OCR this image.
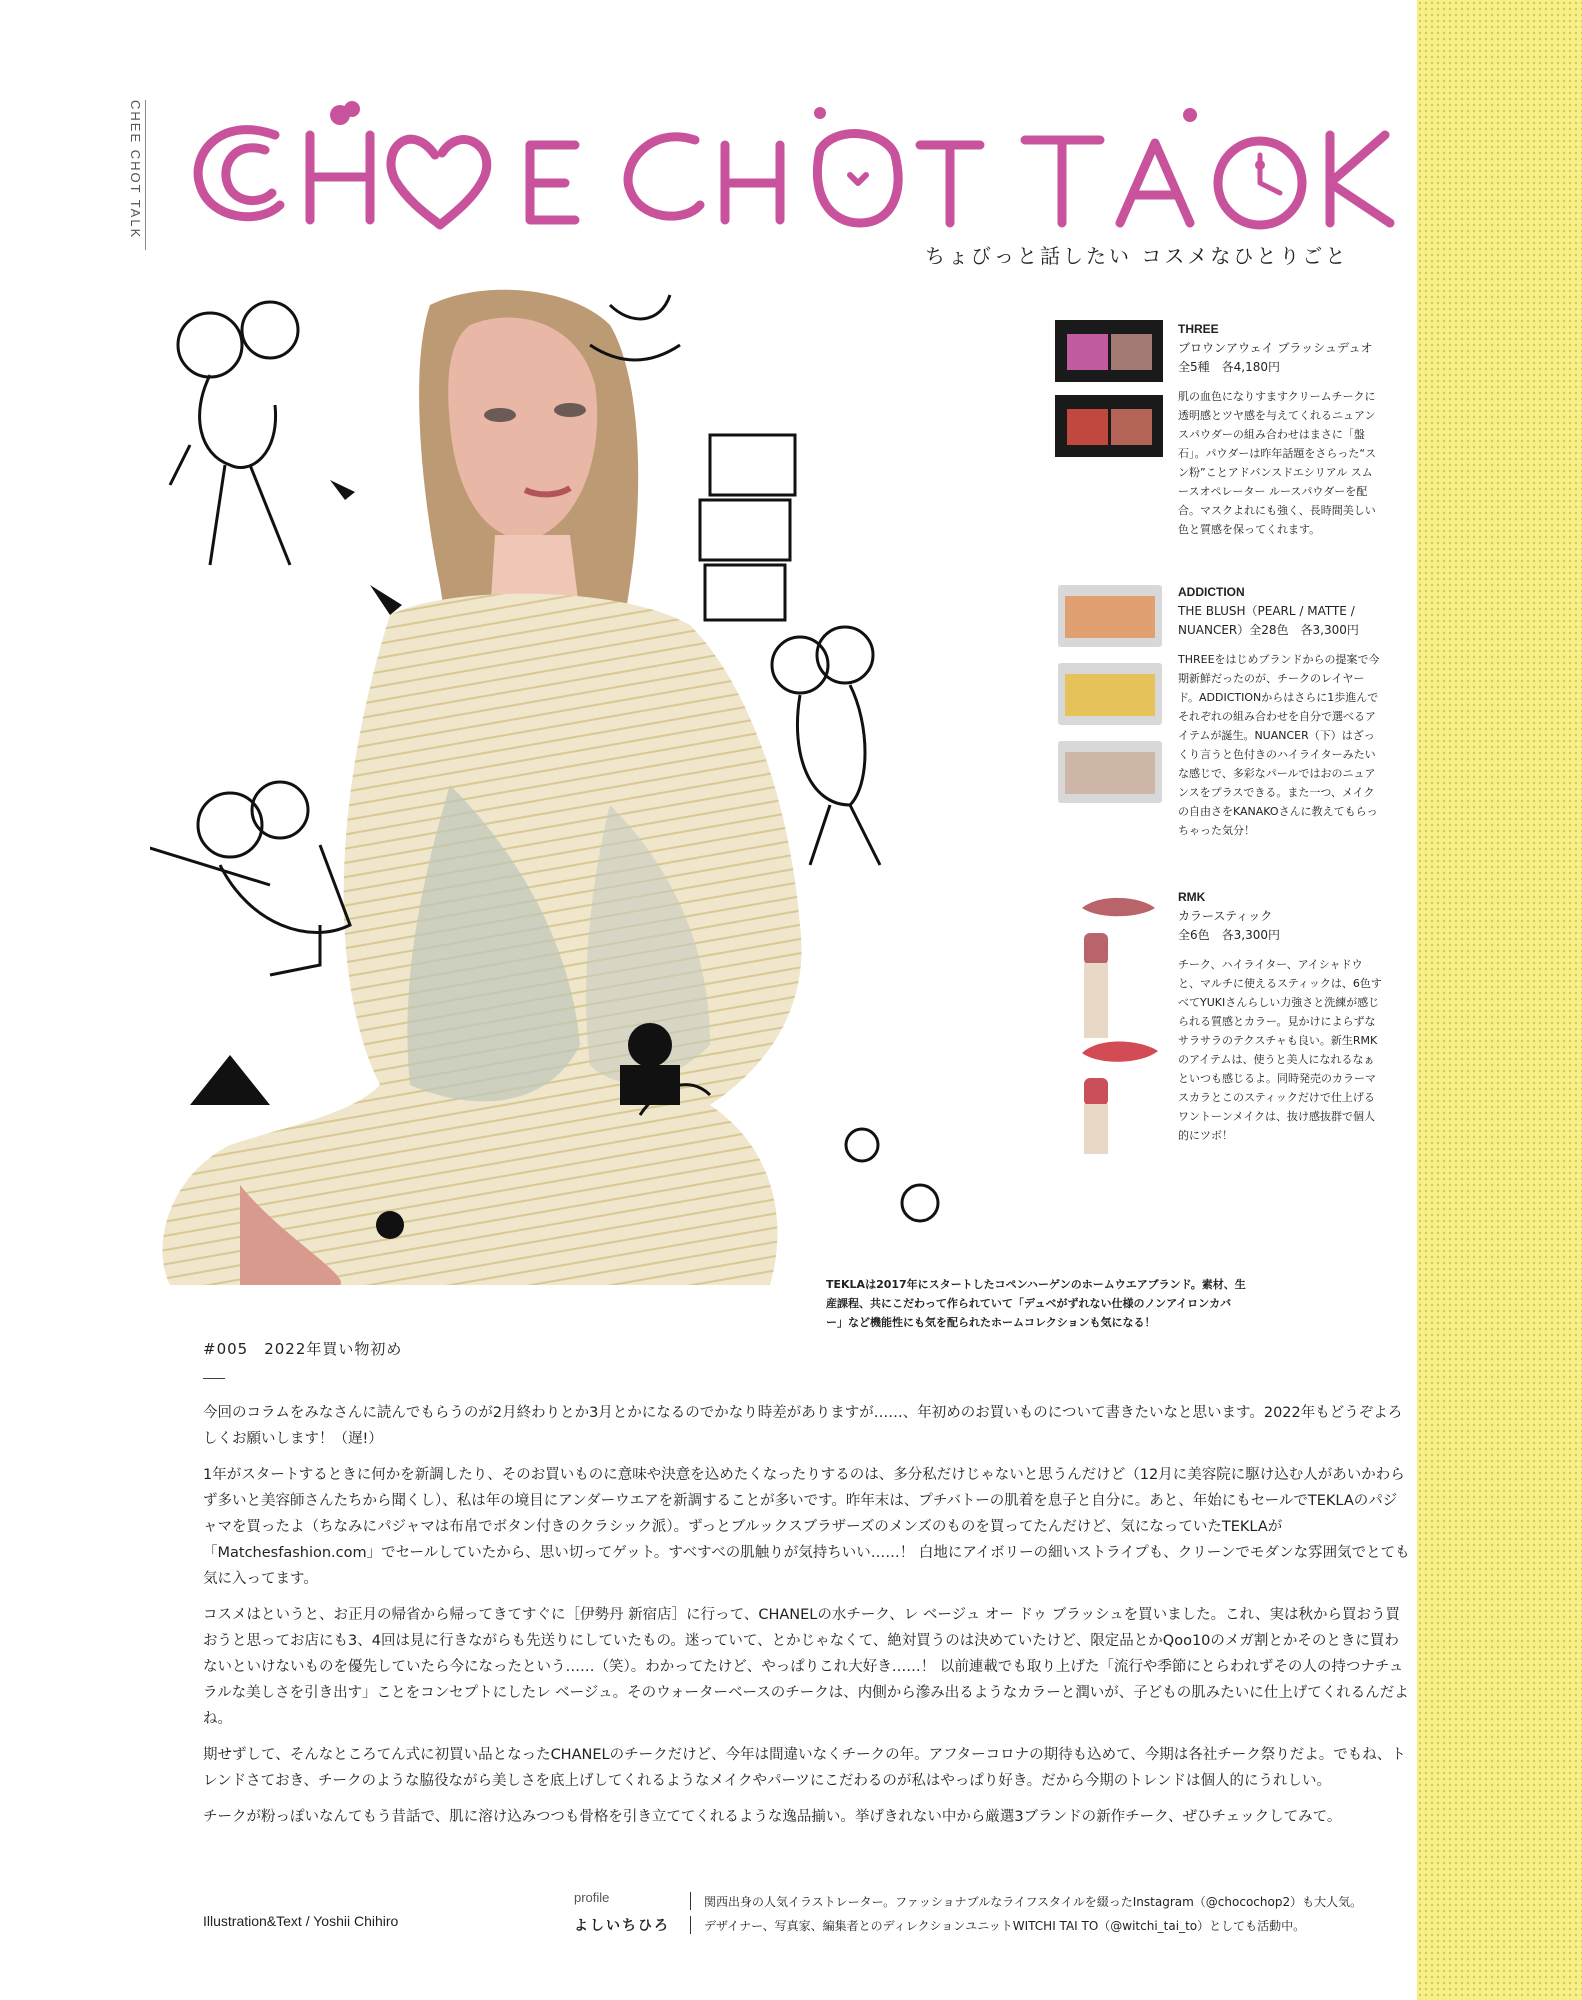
CHEE CHOT TALK
ちょびっと話したい コスメなひとりごと
THREE
ブロウンアウェイ ブラッシュデュオ
全5種　各4,180円
肌の血色になりすますクリームチークに透明感とツヤ感を与えてくれるニュアンスパウダーの組み合わせはまさに「盤石」。パウダーは昨年話題をさらった“スン粉”ことアドバンスドエシリアル スムースオペレーター ルースパウダーを配合。マスクよれにも強く、長時間美しい色と質感を保ってくれます。
ADDICTION
THE BLUSH（PEARL / MATTE / NUANCER）全28色　各3,300円
THREEをはじめブランドからの提案で今期新鮮だったのが、チークのレイヤード。ADDICTIONからはさらに1歩進んでそれぞれの組み合わせを自分で選べるアイテムが誕生。NUANCER（下）はざっくり言うと色付きのハイライターみたいな感じで、多彩なパールではおのニュアンスをプラスできる。また一つ、メイクの自由さをKANAKOさんに教えてもらっちゃった気分！
RMK
カラースティック
全6色　各3,300円
チーク、ハイライター、アイシャドウと、マルチに使えるスティックは、6色すべてYUKIさんらしい力強さと洗練が感じられる質感とカラー。見かけによらずなサラサラのテクスチャも良い。新生RMKのアイテムは、使うと美人になれるなぁといつも感じるよ。同時発売のカラーマスカラとこのスティックだけで仕上げるワントーンメイクは、抜け感抜群で個人的にツボ！
TEKLAは2017年にスタートしたコペンハーゲンのホームウエアブランド。素材、生産課程、共にこだわって作られていて「デュベがずれない仕様のノンアイロンカバー」など機能性にも気を配られたホームコレクションも気になる！
#005　2022年買い物初め

今回のコラムをみなさんに読んでもらうのが2月終わりとか3月とかになるのでかなり時差がありますが……、年初めのお買いものについて書きたいなと思います。2022年もどうぞよろしくお願いします！（遅!）

1年がスタートするときに何かを新調したり、そのお買いものに意味や決意を込めたくなったりするのは、多分私だけじゃないと思うんだけど（12月に美容院に駆け込む人があいかわらず多いと美容師さんたちから聞くし）、私は年の境目にアンダーウエアを新調することが多いです。昨年末は、プチバトーの肌着を息子と自分に。あと、年始にもセールでTEKLAのパジャマを買ったよ（ちなみにパジャマは布帛でボタン付きのクラシック派）。ずっとブルックスブラザーズのメンズのものを買ってたんだけど、気になっていたTEKLAが「Matchesfashion.com」でセールしていたから、思い切ってゲット。すべすべの肌触りが気持ちいい……！ 白地にアイボリーの細いストライプも、クリーンでモダンな雰囲気でとても気に入ってます。

コスメはというと、お正月の帰省から帰ってきてすぐに［伊勢丹 新宿店］に行って、CHANELの水チーク、レ ベージュ オー ドゥ ブラッシュを買いました。これ、実は秋から買おう買おうと思ってお店にも3、4回は見に行きながらも先送りにしていたもの。迷っていて、とかじゃなくて、絶対買うのは決めていたけど、限定品とかQoo10のメガ割とかそのときに買わないといけないものを優先していたら今になったという……（笑）。わかってたけど、やっぱりこれ大好き……！ 以前連載でも取り上げた「流行や季節にとらわれずその人の持つナチュラルな美しさを引き出す」ことをコンセプトにしたレ ベージュ。そのウォーターベースのチークは、内側から滲み出るようなカラーと潤いが、子どもの肌みたいに仕上げてくれるんだよね。

期せずして、そんなところてん式に初買い品となったCHANELのチークだけど、今年は間違いなくチークの年。アフターコロナの期待も込めて、今期は各社チーク祭りだよ。でもね、トレンドさておき、チークのような脇役ながら美しさを底上げしてくれるようなメイクやパーツにこだわるのが私はやっぱり好き。だから今期のトレンドは個人的にうれしい。

チークが粉っぽいなんてもう昔話で、肌に溶け込みつつも骨格を引き立ててくれるような逸品揃い。挙げきれない中から厳選3ブランドの新作チーク、ぜひチェックしてみて。

Illustration&Text / Yoshii Chihiro
profile
よしいちひろ
関西出身の人気イラストレーター。ファッショナブルなライフスタイルを綴ったInstagram（@chocochop2）も大人気。
デザイナー、写真家、編集者とのディレクションユニットWITCHI TAI TO（@witchi_tai_to）としても活動中。
